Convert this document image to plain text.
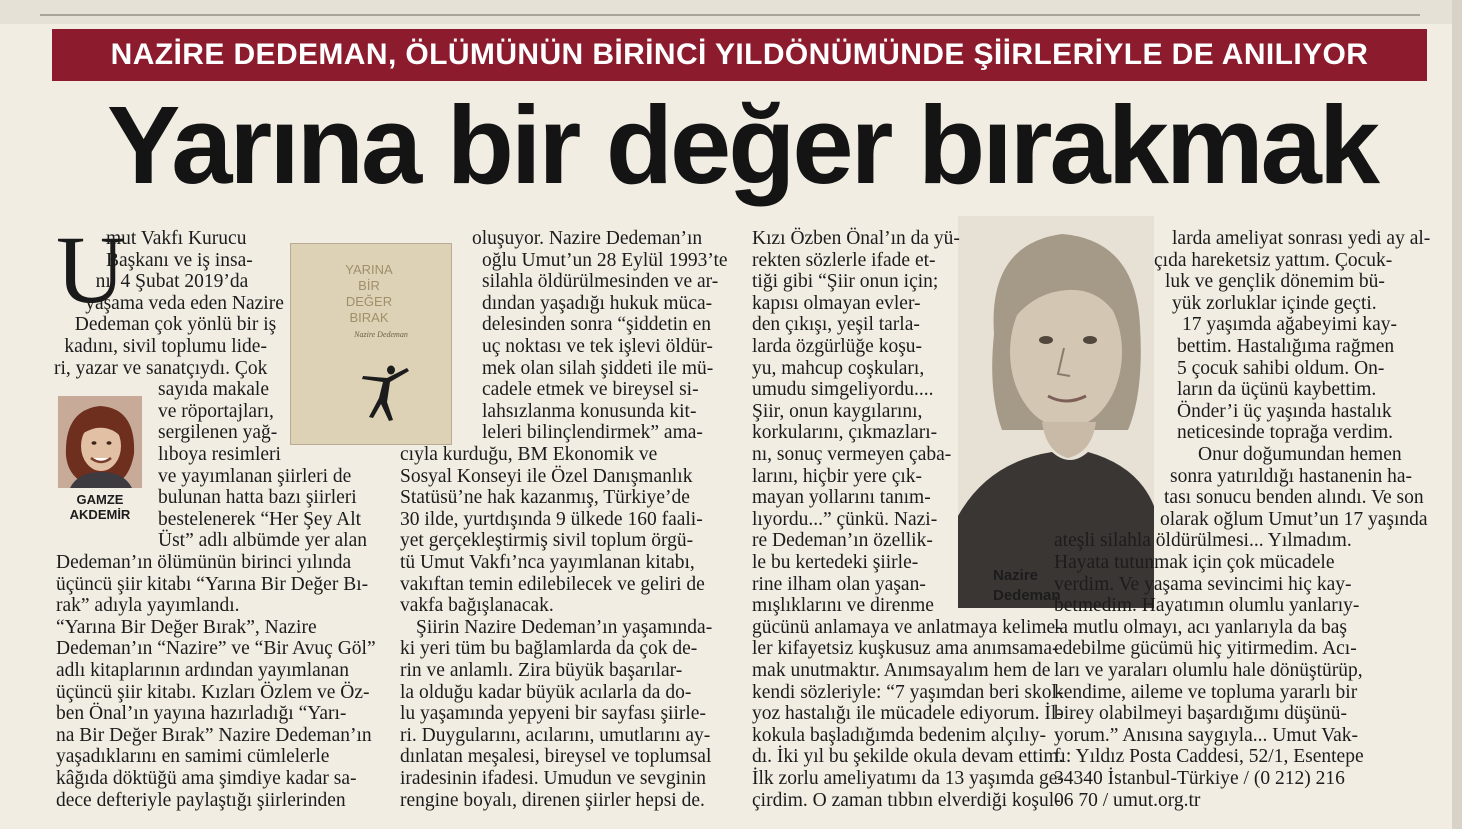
NAZİRE DEDEMAN, ÖLÜMÜNÜN BİRİNCİ YILDÖNÜMÜNDE ŞİİRLERİYLE DE ANILIYOR
Yarına bir değer bırakmak
U	YARINA
BİR
DEĞER
BIRAK
Nazire Dedeman
GAMZE
AKDEMİR
Nazire
Dedeman
mut Vakfı Kurucu
Başkanı ve iş insa-
nı, 4 Şubat 2019’da
yaşama veda eden Nazire
Dedeman çok yönlü bir iş
kadını, sivil toplumu lide-
ri, yazar ve sanatçıydı. Çok
sayıda makale
ve röportajları,
sergilenen yağ-
lıboya resimleri
ve yayımlanan şiirleri de
bulunan hatta bazı şiirleri
bestelenerek “Her Şey Alt
Üst” adlı albümde yer alan
Dedeman’ın ölümünün birinci yılında
üçüncü şiir kitabı “Yarına Bir Değer Bı-
rak” adıyla yayımlandı.
“Yarına Bir Değer Bırak”, Nazire
Dedeman’ın “Nazire” ve “Bir Avuç Göl”
adlı kitaplarının ardından yayımlanan
üçüncü şiir kitabı. Kızları Özlem ve Öz-
ben Önal’ın yayına hazırladığı “Yarı-
na Bir Değer Bırak” Nazire Dedeman’ın
yaşadıklarını en samimi cümlelerle
kâğıda döktüğü ama şimdiye kadar sa-
dece defteriyle paylaştığı şiirlerinden
oluşuyor. Nazire Dedeman’ın
oğlu Umut’un 28 Eylül 1993’te
silahla öldürülmesinden ve ar-
dından yaşadığı hukuk müca-
delesinden sonra “şiddetin en
uç noktası ve tek işlevi öldür-
mek olan silah şiddeti ile mü-
cadele etmek ve bireysel si-
lahsızlanma konusunda kit-
leleri bilinçlendirmek” ama-
cıyla kurduğu, BM Ekonomik ve
Sosyal Konseyi ile Özel Danışmanlık
Statüsü’ne hak kazanmış, Türkiye’de
30 ilde, yurtdışında 9 ülkede 160 faali-
yet gerçekleştirmiş sivil toplum örgü-
tü Umut Vakfı’nca yayımlanan kitabı,
vakıftan temin edilebilecek ve geliri de
vakfa bağışlanacak.
Şiirin Nazire Dedeman’ın yaşamında-
ki yeri tüm bu bağlamlarda da çok de-
rin ve anlamlı. Zira büyük başarılar-
la olduğu kadar büyük acılarla da do-
lu yaşamında yepyeni bir sayfası şiirle-
ri. Duygularını, acılarını, umutlarını ay-
dınlatan meşalesi, bireysel ve toplumsal
iradesinin ifadesi. Umudun ve sevginin
rengine boyalı, direnen şiirler hepsi de.
Kızı Özben Önal’ın da yü-
rekten sözlerle ifade et-
tiği gibi “Şiir onun için;
kapısı olmayan evler-
den çıkışı, yeşil tarla-
larda özgürlüğe koşu-
yu, mahcup coşkuları,
umudu simgeliyordu....
Şiir, onun kaygılarını,
korkularını, çıkmazları-
nı, sonuç vermeyen çaba-
larını, hiçbir yere çık-
mayan yollarını tanım-
lıyordu...” çünkü. Nazi-
re Dedeman’ın özellik-
le bu kertedeki şiirle-
rine ilham olan yaşan-
mışlıklarını ve direnme
gücünü anlamaya ve anlatmaya kelime-
ler kifayetsiz kuşkusuz ama anımsama-
mak unutmaktır. Anımsayalım hem de
kendi sözleriyle: “7 yaşımdan beri skol-
yoz hastalığı ile mücadele ediyorum. İl-
kokula başladığımda bedenim alçılıy-
dı. İki yıl bu şekilde okula devam ettim.
İlk zorlu ameliyatımı da 13 yaşımda ge-
çirdim. O zaman tıbbın elverdiği koşul-
larda ameliyat sonrası yedi ay al-
çıda hareketsiz yattım. Çocuk-
luk ve gençlik dönemim bü-
yük zorluklar içinde geçti.
17 yaşımda ağabeyimi kay-
bettim. Hastalığıma rağmen
5 çocuk sahibi oldum. On-
ların da üçünü kaybettim.
Önder’i üç yaşında hastalık
neticesinde toprağa verdim.
Onur doğumundan hemen
sonra yatırıldığı hastanenin ha-
tası sonucu benden alındı. Ve son
olarak oğlum Umut’un 17 yaşında
ateşli silahla öldürülmesi... Yılmadım.
Hayata tutunmak için çok mücadele
verdim. Ve yaşama sevincimi hiç kay-
betmedim. Hayatımın olumlu yanlarıy-
la mutlu olmayı, acı yanlarıyla da baş
edebilme gücümü hiç yitirmedim. Acı-
ları ve yaraları olumlu hale dönüştürüp,
kendime, aileme ve topluma yararlı bir
birey olabilmeyi başardığımı düşünü-
yorum.” Anısına saygıyla... Umut Vak-
fı: Yıldız Posta Caddesi, 52/1, Esentepe
34340 İstanbul-Türkiye / (0 212) 216
06 70 / umut.org.tr
